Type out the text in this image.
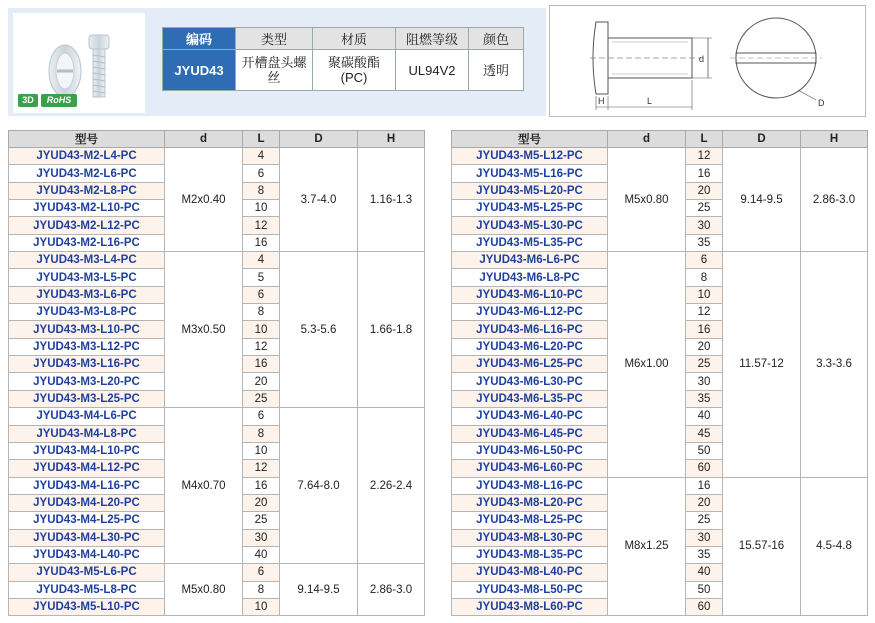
3D	RoHS
编码	类型	材质	阻燃等级	颜色
JYUD43	开槽盘头螺丝	聚碳酸酯(PC)	UL94V2	透明
d
H	L	D
型号	d	L	D	H
JYUD43-M2-L4-PC	M2x0.40	4	3.7-4.0	1.16-1.3
JYUD43-M2-L6-PC		6		
JYUD43-M2-L8-PC		8		
JYUD43-M2-L10-PC		10		
JYUD43-M2-L12-PC		12		
JYUD43-M2-L16-PC		16		
JYUD43-M3-L4-PC	M3x0.50	4	5.3-5.6	1.66-1.8
JYUD43-M3-L5-PC		5		
JYUD43-M3-L6-PC		6		
JYUD43-M3-L8-PC		8		
JYUD43-M3-L10-PC		10		
JYUD43-M3-L12-PC		12		
JYUD43-M3-L16-PC		16		
JYUD43-M3-L20-PC		20		
JYUD43-M3-L25-PC		25		
JYUD43-M4-L6-PC	M4x0.70	6	7.64-8.0	2.26-2.4
JYUD43-M4-L8-PC		8		
JYUD43-M4-L10-PC		10		
JYUD43-M4-L12-PC		12		
JYUD43-M4-L16-PC		16		
JYUD43-M4-L20-PC		20		
JYUD43-M4-L25-PC		25		
JYUD43-M4-L30-PC		30		
JYUD43-M4-L40-PC		40		
JYUD43-M5-L6-PC	M5x0.80	6	9.14-9.5	2.86-3.0
JYUD43-M5-L8-PC		8		
JYUD43-M5-L10-PC		10		
型号	d	L	D	H
JYUD43-M5-L12-PC	M5x0.80	12	9.14-9.5	2.86-3.0
JYUD43-M5-L16-PC		16		
JYUD43-M5-L20-PC		20		
JYUD43-M5-L25-PC		25		
JYUD43-M5-L30-PC		30		
JYUD43-M5-L35-PC		35		
JYUD43-M6-L6-PC	M6x1.00	6	11.57-12	3.3-3.6
JYUD43-M6-L8-PC		8		
JYUD43-M6-L10-PC		10		
JYUD43-M6-L12-PC		12		
JYUD43-M6-L16-PC		16		
JYUD43-M6-L20-PC		20		
JYUD43-M6-L25-PC		25		
JYUD43-M6-L30-PC		30		
JYUD43-M6-L35-PC		35		
JYUD43-M6-L40-PC		40		
JYUD43-M6-L45-PC		45		
JYUD43-M6-L50-PC		50		
JYUD43-M6-L60-PC		60		
JYUD43-M8-L16-PC	M8x1.25	16	15.57-16	4.5-4.8
JYUD43-M8-L20-PC		20		
JYUD43-M8-L25-PC		25		
JYUD43-M8-L30-PC		30		
JYUD43-M8-L35-PC		35		
JYUD43-M8-L40-PC		40		
JYUD43-M8-L50-PC		50		
JYUD43-M8-L60-PC		60		
